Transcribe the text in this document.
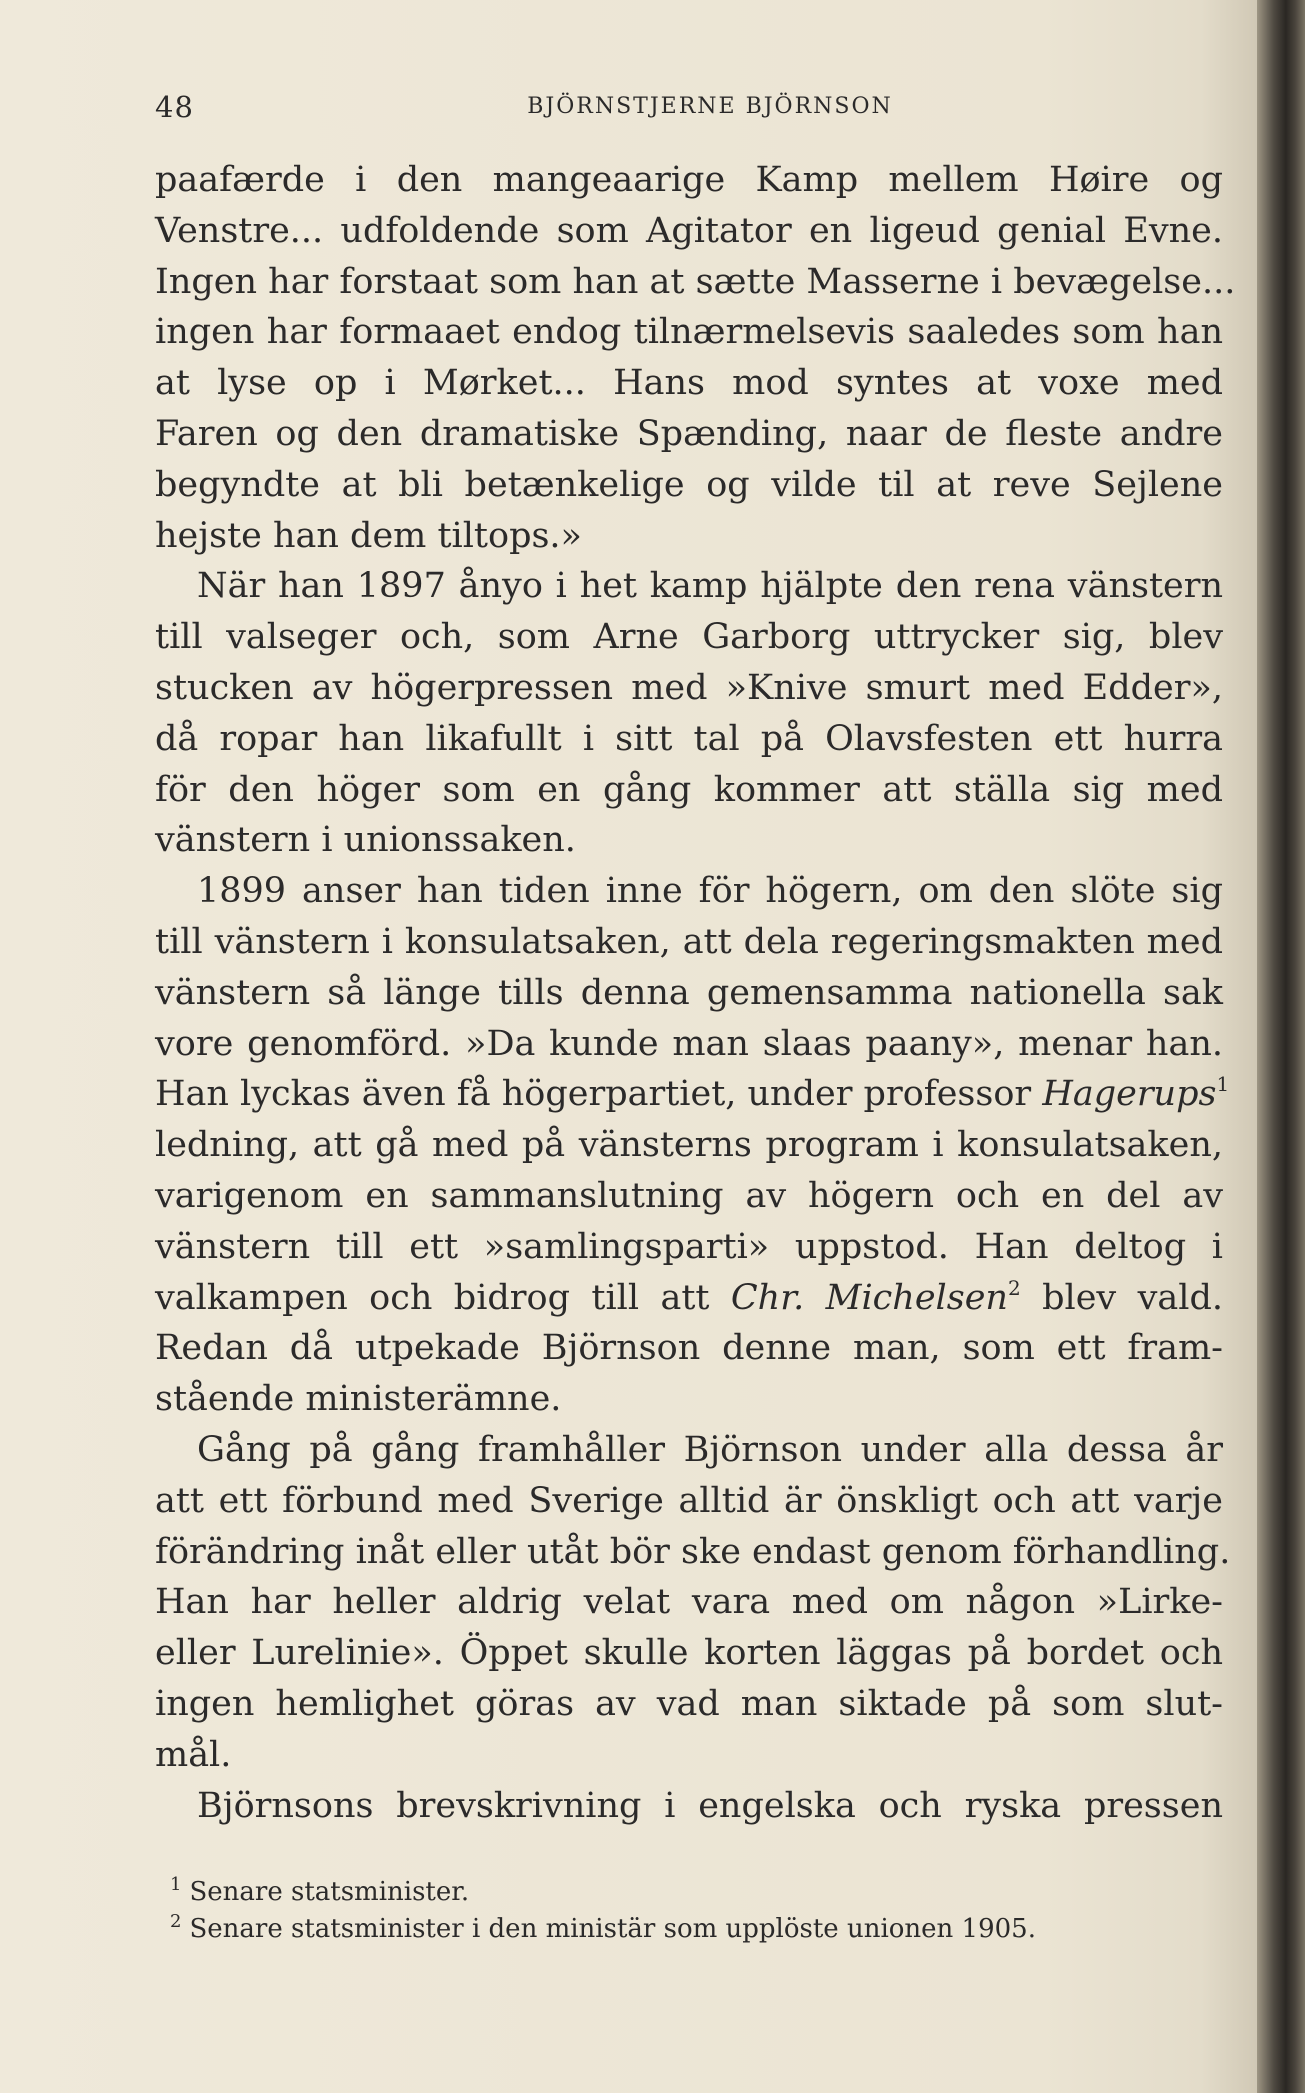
48	BJÖRNSTJERNE BJÖRNSON
paafærde i den mangeaarige Kamp mellem Høire og
Venstre... udfoldende som Agitator en ligeud genial Evne.
Ingen har forstaat som han at sætte Masserne i bevægelse...
ingen har formaaet endog tilnærmelsevis saaledes som han
at lyse op i Mørket... Hans mod syntes at voxe med
Faren og den dramatiske Spænding, naar de fleste andre
begyndte at bli betænkelige og vilde til at reve Sejlene
hejste han dem tiltops.»
När han 1897 ånyo i het kamp hjälpte den rena vänstern
till valseger och, som Arne Garborg uttrycker sig, blev
stucken av högerpressen med »Knive smurt med Edder»,
då ropar han likafullt i sitt tal på Olavsfesten ett hurra
för den höger som en gång kommer att ställa sig med
vänstern i unionssaken.
1899 anser han tiden inne för högern, om den slöte sig
till vänstern i konsulatsaken, att dela regeringsmakten med
vänstern så länge tills denna gemensamma nationella sak
vore genomförd. »Da kunde man slaas paany», menar han.
Han lyckas även få högerpartiet, under professor Hagerups$^1$
ledning, att gå med på vänsterns program i konsulatsaken,
varigenom en sammanslutning av högern och en del av
vänstern till ett »samlingsparti» uppstod. Han deltog i
valkampen och bidrog till att Chr. Michelsen$^2$ blev vald.
Redan då utpekade Björnson denne man, som ett fram-
stående ministerämne.
Gång på gång framhåller Björnson under alla dessa år
att ett förbund med Sverige alltid är önskligt och att varje
förändring inåt eller utåt bör ske endast genom förhandling.
Han har heller aldrig velat vara med om någon »Lirke-
eller Lurelinie». Öppet skulle korten läggas på bordet och
ingen hemlighet göras av vad man siktade på som slut-
mål.
Björnsons brevskrivning i engelska och ryska pressen
$^1$ Senare statsminister.
$^2$ Senare statsminister i den ministär som upplöste unionen 1905.
